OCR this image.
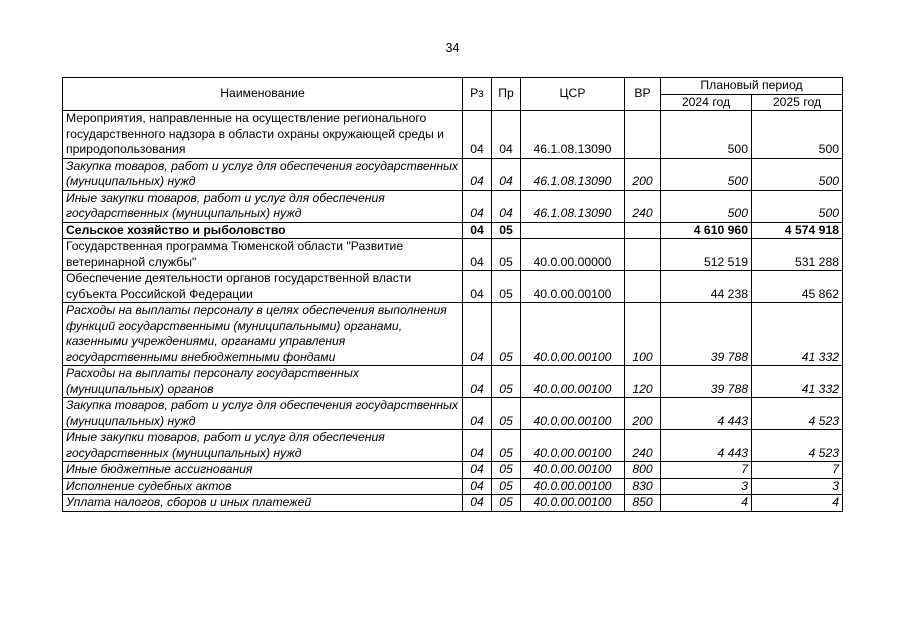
34
Наименование	Рз	Пр	ЦСР	ВР	Плановый период	
					2024 год	2025 год
Мероприятия, направленные на осуществление регионального государственного надзора в области охраны окружающей среды и природопользования	04	04	46.1.08.13090		500	500
Закупка товаров, работ и услуг для обеспечения государственных (муниципальных) нужд	04	04	46.1.08.13090	200	500	500
Иные закупки товаров, работ и услуг для обеспечения государственных (муниципальных) нужд	04	04	46.1.08.13090	240	500	500
Сельское хозяйство и рыболовство	04	05			4 610 960	4 574 918
Государственная программа Тюменской области "Развитие ветеринарной службы"	04	05	40.0.00.00000		512 519	531 288
Обеспечение деятельности органов государственной власти субъекта Российской Федерации	04	05	40.0.00.00100		44 238	45 862
Расходы на выплаты персоналу в целях обеспечения выполнения функций государственными (муниципальными) органами, казенными учреждениями, органами управления государственными внебюджетными фондами	04	05	40.0.00.00100	100	39 788	41 332
Расходы на выплаты персоналу государственных (муниципальных) органов	04	05	40.0.00.00100	120	39 788	41 332
Закупка товаров, работ и услуг для обеспечения государственных (муниципальных) нужд	04	05	40.0.00.00100	200	4 443	4 523
Иные закупки товаров, работ и услуг для обеспечения государственных (муниципальных) нужд	04	05	40.0.00.00100	240	4 443	4 523
Иные бюджетные ассигнования	04	05	40.0.00.00100	800	7	7
Исполнение судебных актов	04	05	40.0.00.00100	830	3	3
Уплата налогов, сборов и иных платежей	04	05	40.0.00.00100	850	4	4
